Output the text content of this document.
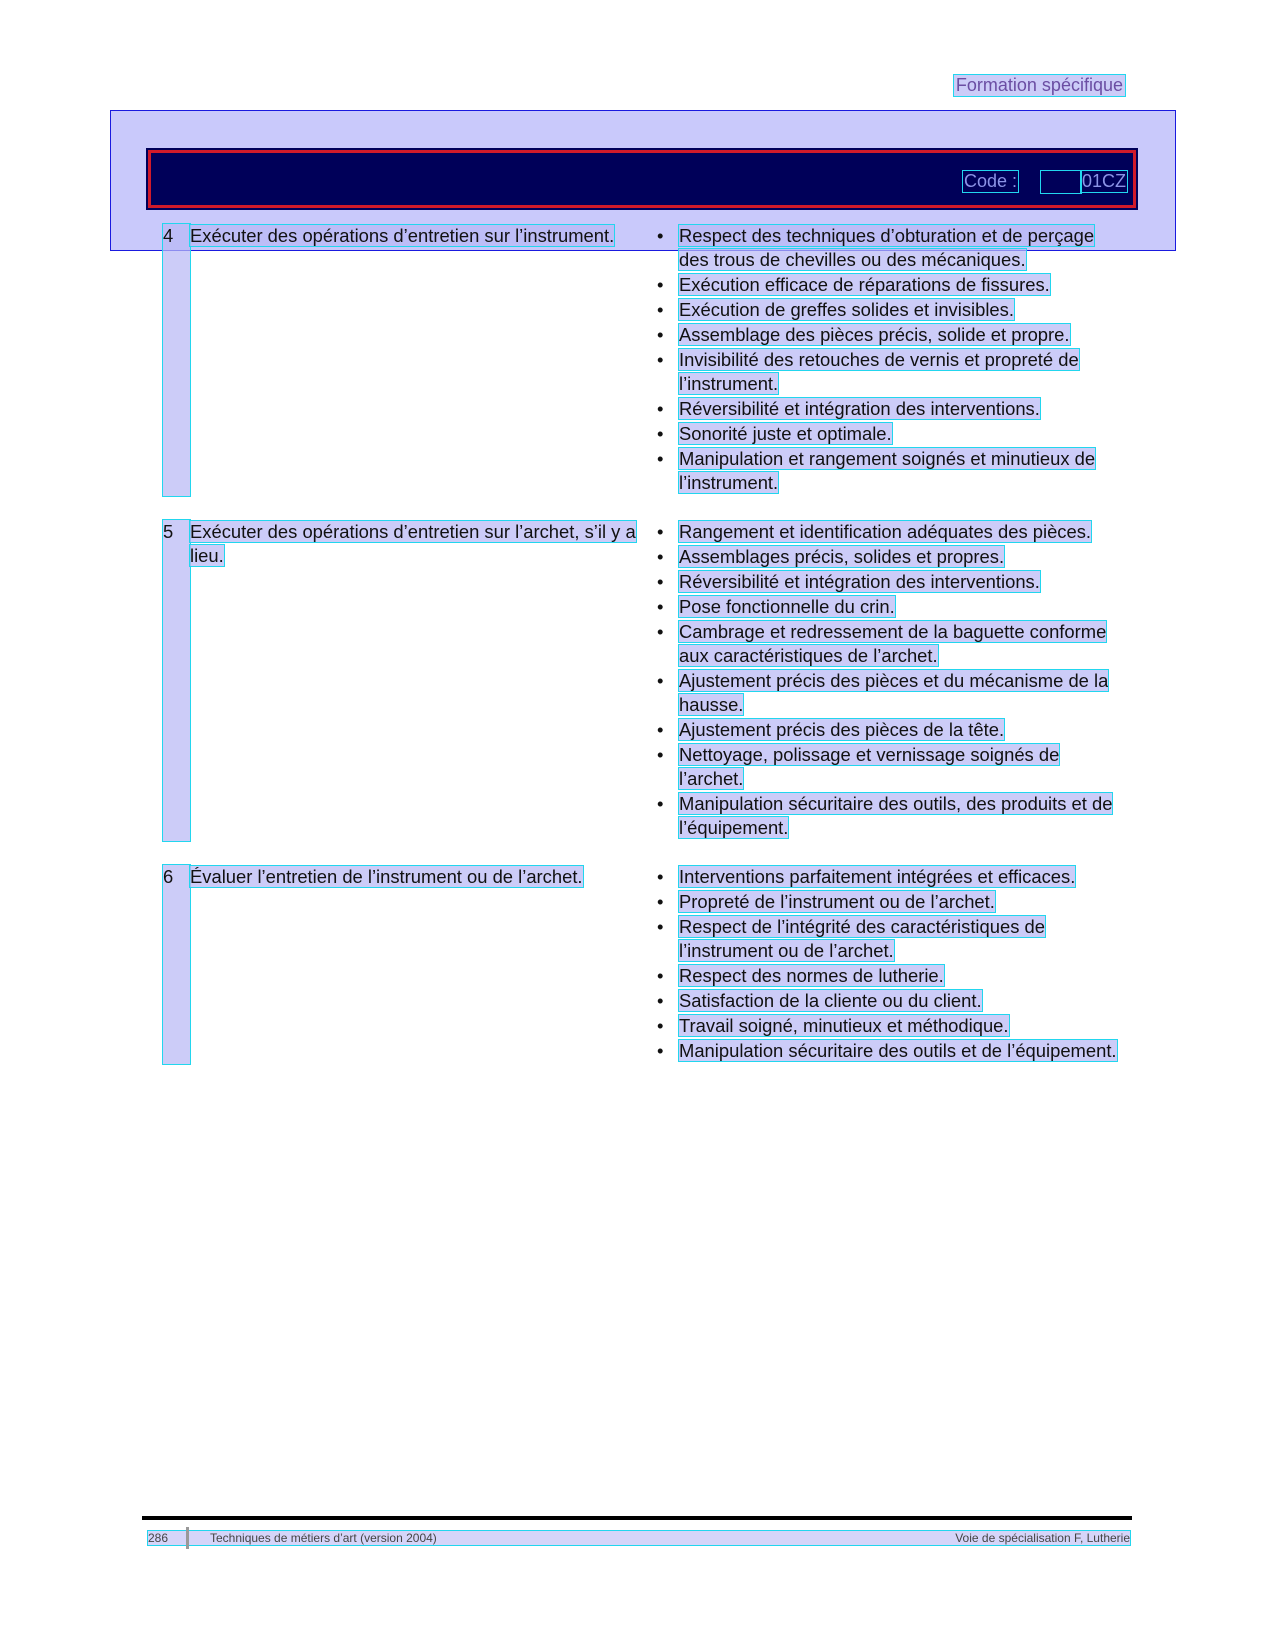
Formation spécifique
Code :	01CZ
4 Exécuter des opérations d’entretien sur l’instrument.	• Respect des techniques d’obturation et de perçage des trous de chevilles ou des mécaniques.
• Exécution efficace de réparations de fissures.
• Exécution de greffes solides et invisibles.
• Assemblage des pièces précis, solide et propre.
• Invisibilité des retouches de vernis et propreté de l’instrument.
• Réversibilité et intégration des interventions.
• Sonorité juste et optimale.
• Manipulation et rangement soignés et minutieux de l’instrument.
5 Exécuter des opérations d’entretien sur l’archet, s’il y a lieu.
• Rangement et identification adéquates des pièces.
• Assemblages précis, solides et propres.
• Réversibilité et intégration des interventions.
• Pose fonctionnelle du crin.
• Cambrage et redressement de la baguette conforme aux caractéristiques de l’archet.
• Ajustement précis des pièces et du mécanisme de la hausse.
• Ajustement précis des pièces de la tête.
• Nettoyage, polissage et vernissage soignés de l’archet.
• Manipulation sécuritaire des outils, des produits et de l’équipement.
6 Évaluer l’entretien de l’instrument ou de l’archet.	• Interventions parfaitement intégrées et efficaces.
• Propreté de l’instrument ou de l’archet.
• Respect de l’intégrité des caractéristiques de l’instrument ou de l’archet.
• Respect des normes de lutherie.
• Satisfaction de la cliente ou du client.
• Travail soigné, minutieux et méthodique.
• Manipulation sécuritaire des outils et de l’équipement.
286	Techniques de métiers d’art (version 2004)	Voie de spécialisation F, Lutherie
